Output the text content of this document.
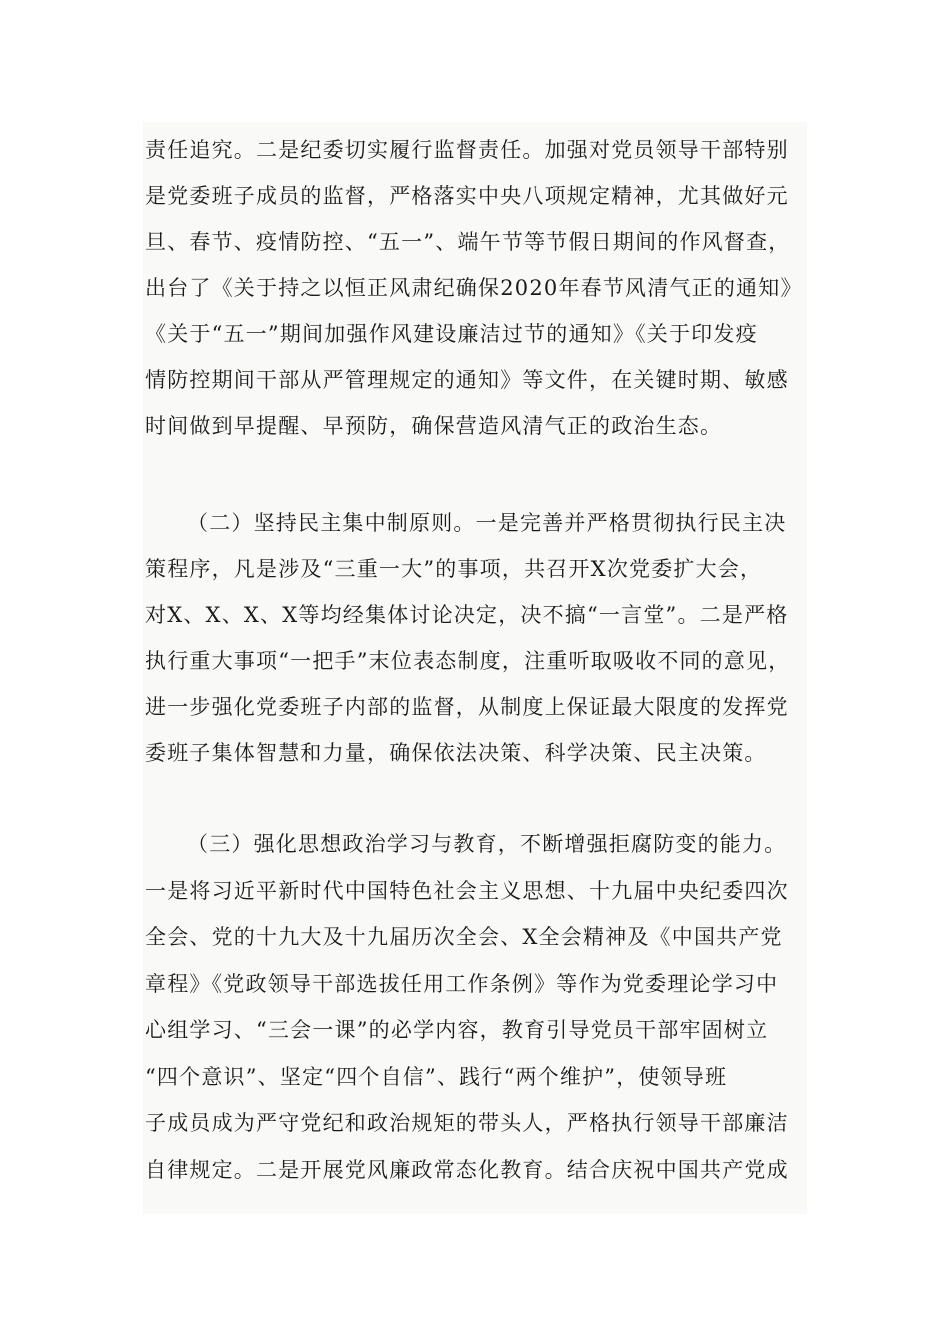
责任追究。二是纪委切实履行监督责任。加强对党员领导干部特别
是党委班子成员的监督，严格落实中央八项规定精神，尤其做好元
旦、春节、疫情防控、“五一”、端午节等节假日期间的作风督查，
出台了《关于持之以恒正风肃纪确保2020年春节风清气正的通知》
《关于“五一”期间加强作风建设廉洁过节的通知》《关于印发疫
情防控期间干部从严管理规定的通知》等文件，在关键时期、敏感
时间做到早提醒、早预防，确保营造风清气正的政治生态。
（二）坚持民主集中制原则。一是完善并严格贯彻执行民主决
策程序，凡是涉及“三重一大”的事项，共召开X次党委扩大会，
对X、X、X、X等均经集体讨论决定，决不搞“一言堂”。二是严格
执行重大事项“一把手”末位表态制度，注重听取吸收不同的意见，
进一步强化党委班子内部的监督，从制度上保证最大限度的发挥党
委班子集体智慧和力量，确保依法决策、科学决策、民主决策。
（三）强化思想政治学习与教育，不断增强拒腐防变的能力。
一是将习近平新时代中国特色社会主义思想、十九届中央纪委四次
全会、党的十九大及十九届历次全会、X全会精神及《中国共产党
章程》《党政领导干部选拔任用工作条例》等作为党委理论学习中
心组学习、“三会一课”的必学内容，教育引导党员干部牢固树立
“四个意识”、坚定“四个自信”、践行“两个维护”，使领导班
子成员成为严守党纪和政治规矩的带头人，严格执行领导干部廉洁
自律规定。二是开展党风廉政常态化教育。结合庆祝中国共产党成
